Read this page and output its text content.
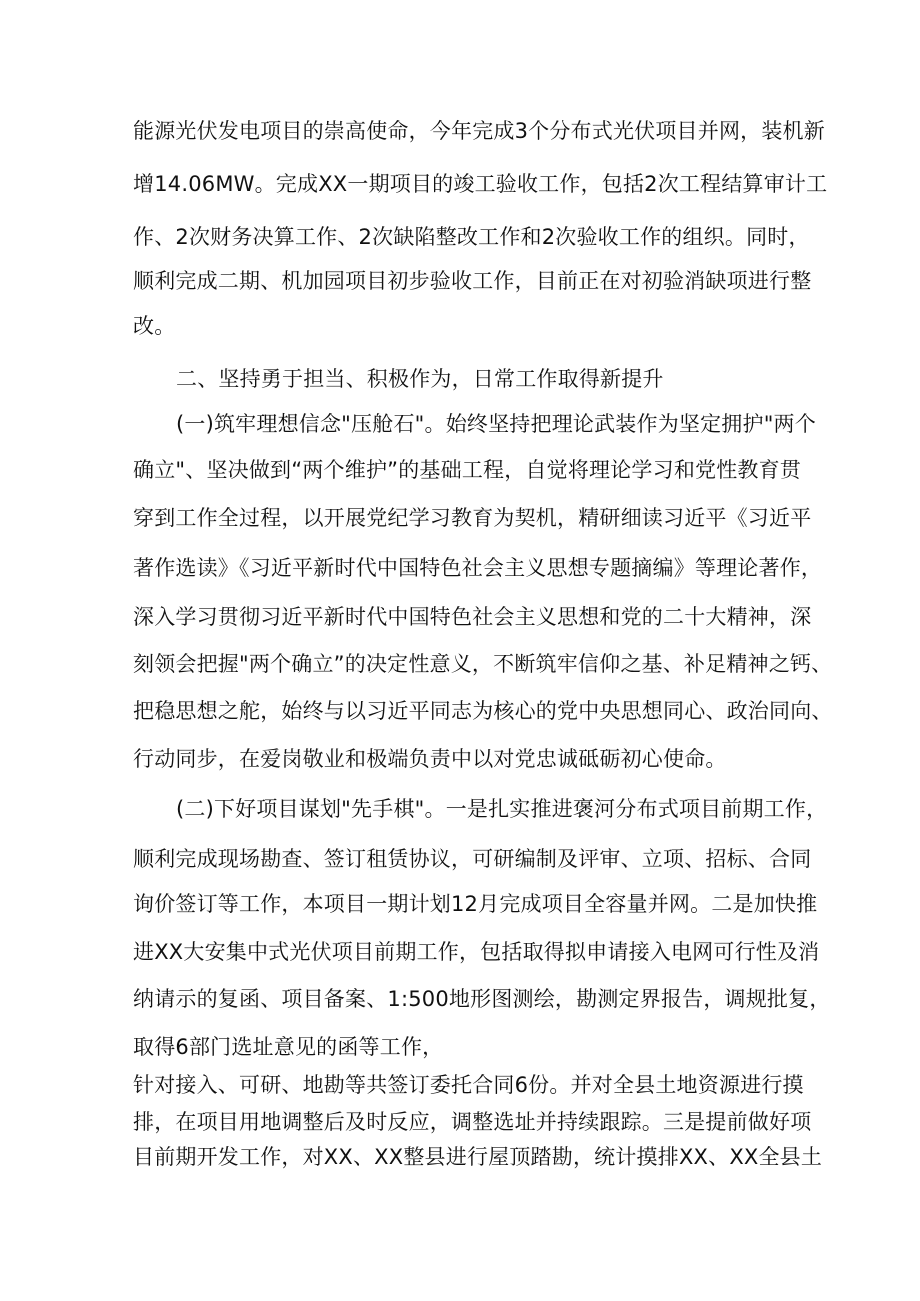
能源光伏发电项目的崇高使命，今年完成3个分布式光伏项目并网，装机新

增14.06MW。完成XX一期项目的竣工验收工作，包括2次工程结算审计工

作、2次财务决算工作、2次缺陷整改工作和2次验收工作的组织。同时，

顺利完成二期、机加园项目初步验收工作，目前正在对初验消缺项进行整

改。

二、坚持勇于担当、积极作为，日常工作取得新提升

(一)筑牢理想信念"压舱石"。始终坚持把理论武装作为坚定拥护"两个

确立"、坚决做到“两个维护”的基础工程，自觉将理论学习和党性教育贯

穿到工作全过程，以开展党纪学习教育为契机，精研细读习近平《习近平

著作选读》《习近平新时代中国特色社会主义思想专题摘编》等理论著作，

深入学习贯彻习近平新时代中国特色社会主义思想和党的二十大精神，深

刻领会把握"两个确立”的决定性意义，不断筑牢信仰之基、补足精神之钙、

把稳思想之舵，始终与以习近平同志为核心的党中央思想同心、政治同向、

行动同步，在爱岗敬业和极端负责中以对党忠诚砥砺初心使命。

(二)下好项目谋划"先手棋"。一是扎实推进褒河分布式项目前期工作，

顺利完成现场勘查、签订租赁协议，可研编制及评审、立项、招标、合同

询价签订等工作，本项目一期计划12月完成项目全容量并网。二是加快推

进XX大安集中式光伏项目前期工作，包括取得拟申请接入电网可行性及消

纳请示的复函、项目备案、1:500地形图测绘，勘测定界报告，调规批复，

取得6部门选址意见的函等工作，

针对接入、可研、地勘等共签订委托合同6份。并对全县土地资源进行摸

排，在项目用地调整后及时反应，调整选址并持续跟踪。三是提前做好项

目前期开发工作，对XX、XX整县进行屋顶踏勘，统计摸排XX、XX全县土
